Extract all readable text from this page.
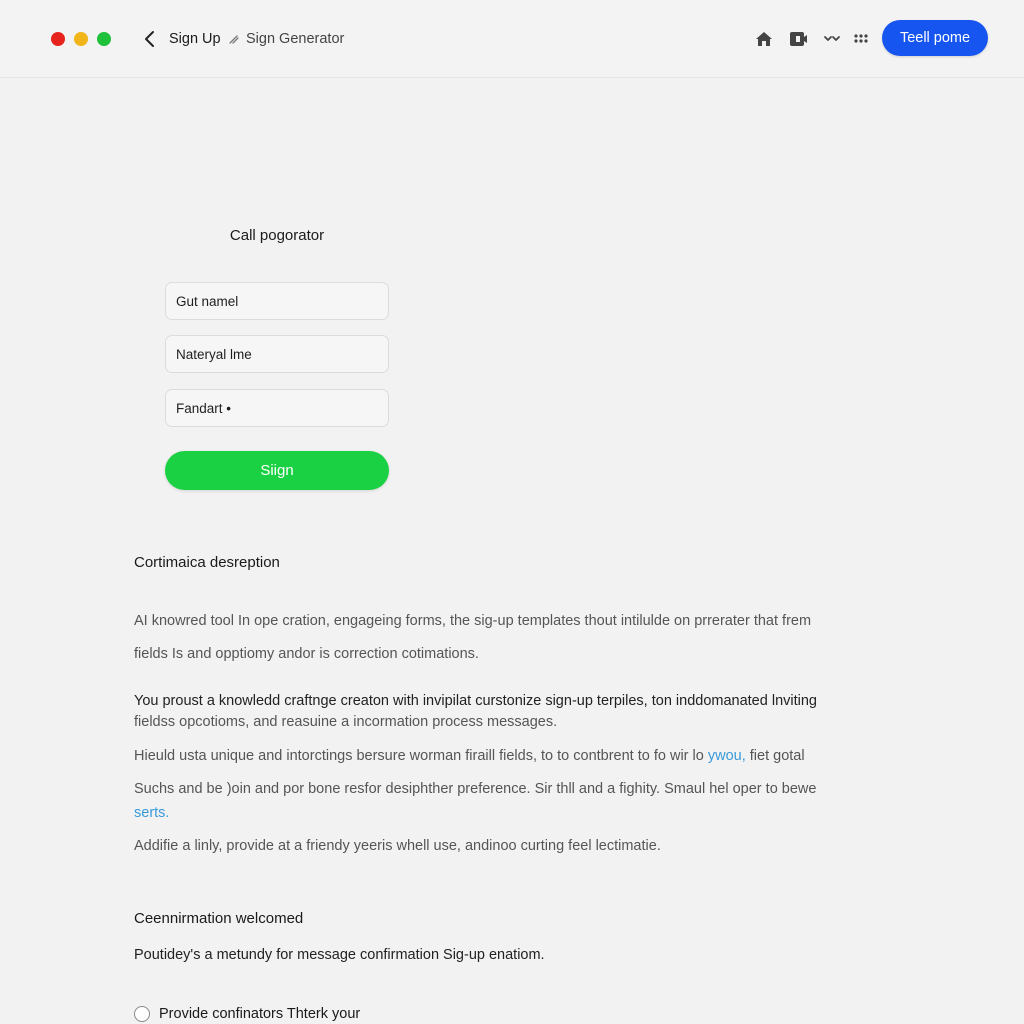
Sign Up Sign Generator	Teell pome
Call pogorator
Gut namel
Nateryal lme
Fandart •
Siign
Cortimaica desreption
AI knowred tool In ope cration, engageing forms, the sig-up templates thout intilulde on prrerater that frem
fields Is and opptiomy andor is correction cotimations.
You proust a knowledd craftnge creaton with invipilat curstonize sign-up terpiles, ton inddomanated lnviting
fieldss opcotioms, and reasuine a incormation process messages.
Hieuld usta unique and intorctings bersure worman firaill fields, to to contbrent to fo wir lo ywou, fiet gotal
Suchs and be )oin and por bone resfor desiphther preference. Sir thll and a fighity. Smaul hel oper to bewe
serts.
Addifie a linly, provide at a friendy yeeris whell use, andinoo curting feel lectimatie.
Ceennirmation welcomed
Poutidey's a metundy for message confirmation Sig-up enatiom.
Provide confinators Thterk your
